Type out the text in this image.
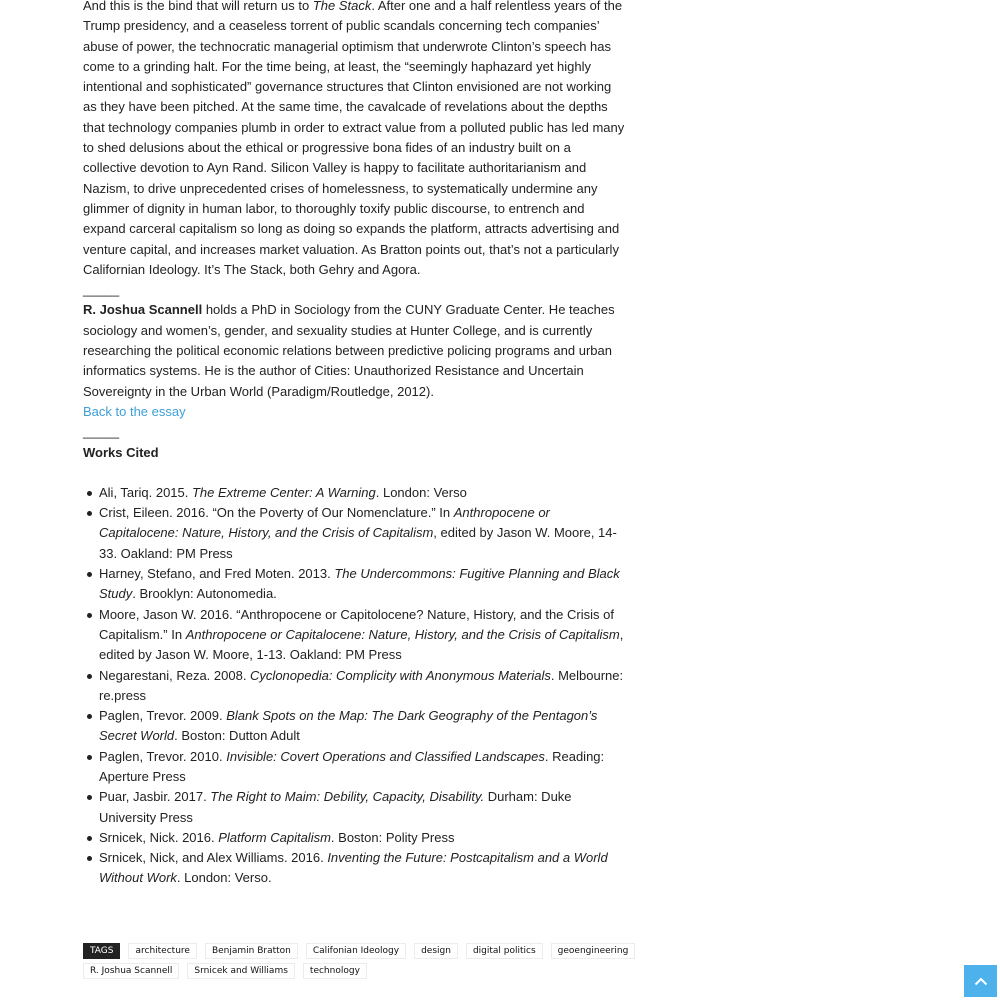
And this is the bind that will return us to The Stack. After one and a half relentless years of the Trump presidency, and a ceaseless torrent of public scandals concerning tech companies’ abuse of power, the technocratic managerial optimism that underwrote Clinton’s speech has come to a grinding halt. For the time being, at least, the “seemingly haphazard yet highly intentional and sophisticated” governance structures that Clinton envisioned are not working as they have been pitched. At the same time, the cavalcade of revelations about the depths that technology companies plumb in order to extract value from a polluted public has led many to shed delusions about the ethical or progressive bona fides of an industry built on a collective devotion to Ayn Rand. Silicon Valley is happy to facilitate authoritarianism and Nazism, to drive unprecedented crises of homelessness, to systematically undermine any glimmer of dignity in human labor, to thoroughly toxify public discourse, to entrench and expand carceral capitalism so long as doing so expands the platform, attracts advertising and venture capital, and increases market valuation. As Bratton points out, that’s not a particularly Californian Ideology. It’s The Stack, both Gehry and Agora.

_____

R. Joshua Scannell holds a PhD in Sociology from the CUNY Graduate Center. He teaches sociology and women’s, gender, and sexuality studies at Hunter College, and is currently researching the political economic relations between predictive policing programs and urban informatics systems. He is the author of Cities: Unauthorized Resistance and Uncertain Sovereignty in the Urban World (Paradigm/Routledge, 2012).

Back to the essay

_____

Works Cited

Ali, Tariq. 2015. The Extreme Center: A Warning. London: Verso
Crist, Eileen. 2016. “On the Poverty of Our Nomenclature.” In Anthropocene or Capitalocene: Nature, History, and the Crisis of Capitalism, edited by Jason W. Moore, 14-33. Oakland: PM Press
Harney, Stefano, and Fred Moten. 2013. The Undercommons: Fugitive Planning and Black Study. Brooklyn: Autonomedia.
Moore, Jason W. 2016. “Anthropocene or Capitolocene? Nature, History, and the Crisis of Capitalism.” In Anthropocene or Capitalocene: Nature, History, and the Crisis of Capitalism, edited by Jason W. Moore, 1-13. Oakland: PM Press
Negarestani, Reza. 2008. Cyclonopedia: Complicity with Anonymous Materials. Melbourne: re.press
Paglen, Trevor. 2009. Blank Spots on the Map: The Dark Geography of the Pentagon’s Secret World. Boston: Dutton Adult
Paglen, Trevor. 2010. Invisible: Covert Operations and Classified Landscapes. Reading: Aperture Press
Puar, Jasbir. 2017. The Right to Maim: Debility, Capacity, Disability. Durham: Duke University Press
Srnicek, Nick. 2016. Platform Capitalism. Boston: Polity Press
Srnicek, Nick, and Alex Williams. 2016. Inventing the Future: Postcapitalism and a World Without Work. London: Verso.
TAGS	architecture	Benjamin Bratton	Califonian Ideology	design	digital politics	geoengineering
R. Joshua Scannell	Srnicek and Williams	technology
